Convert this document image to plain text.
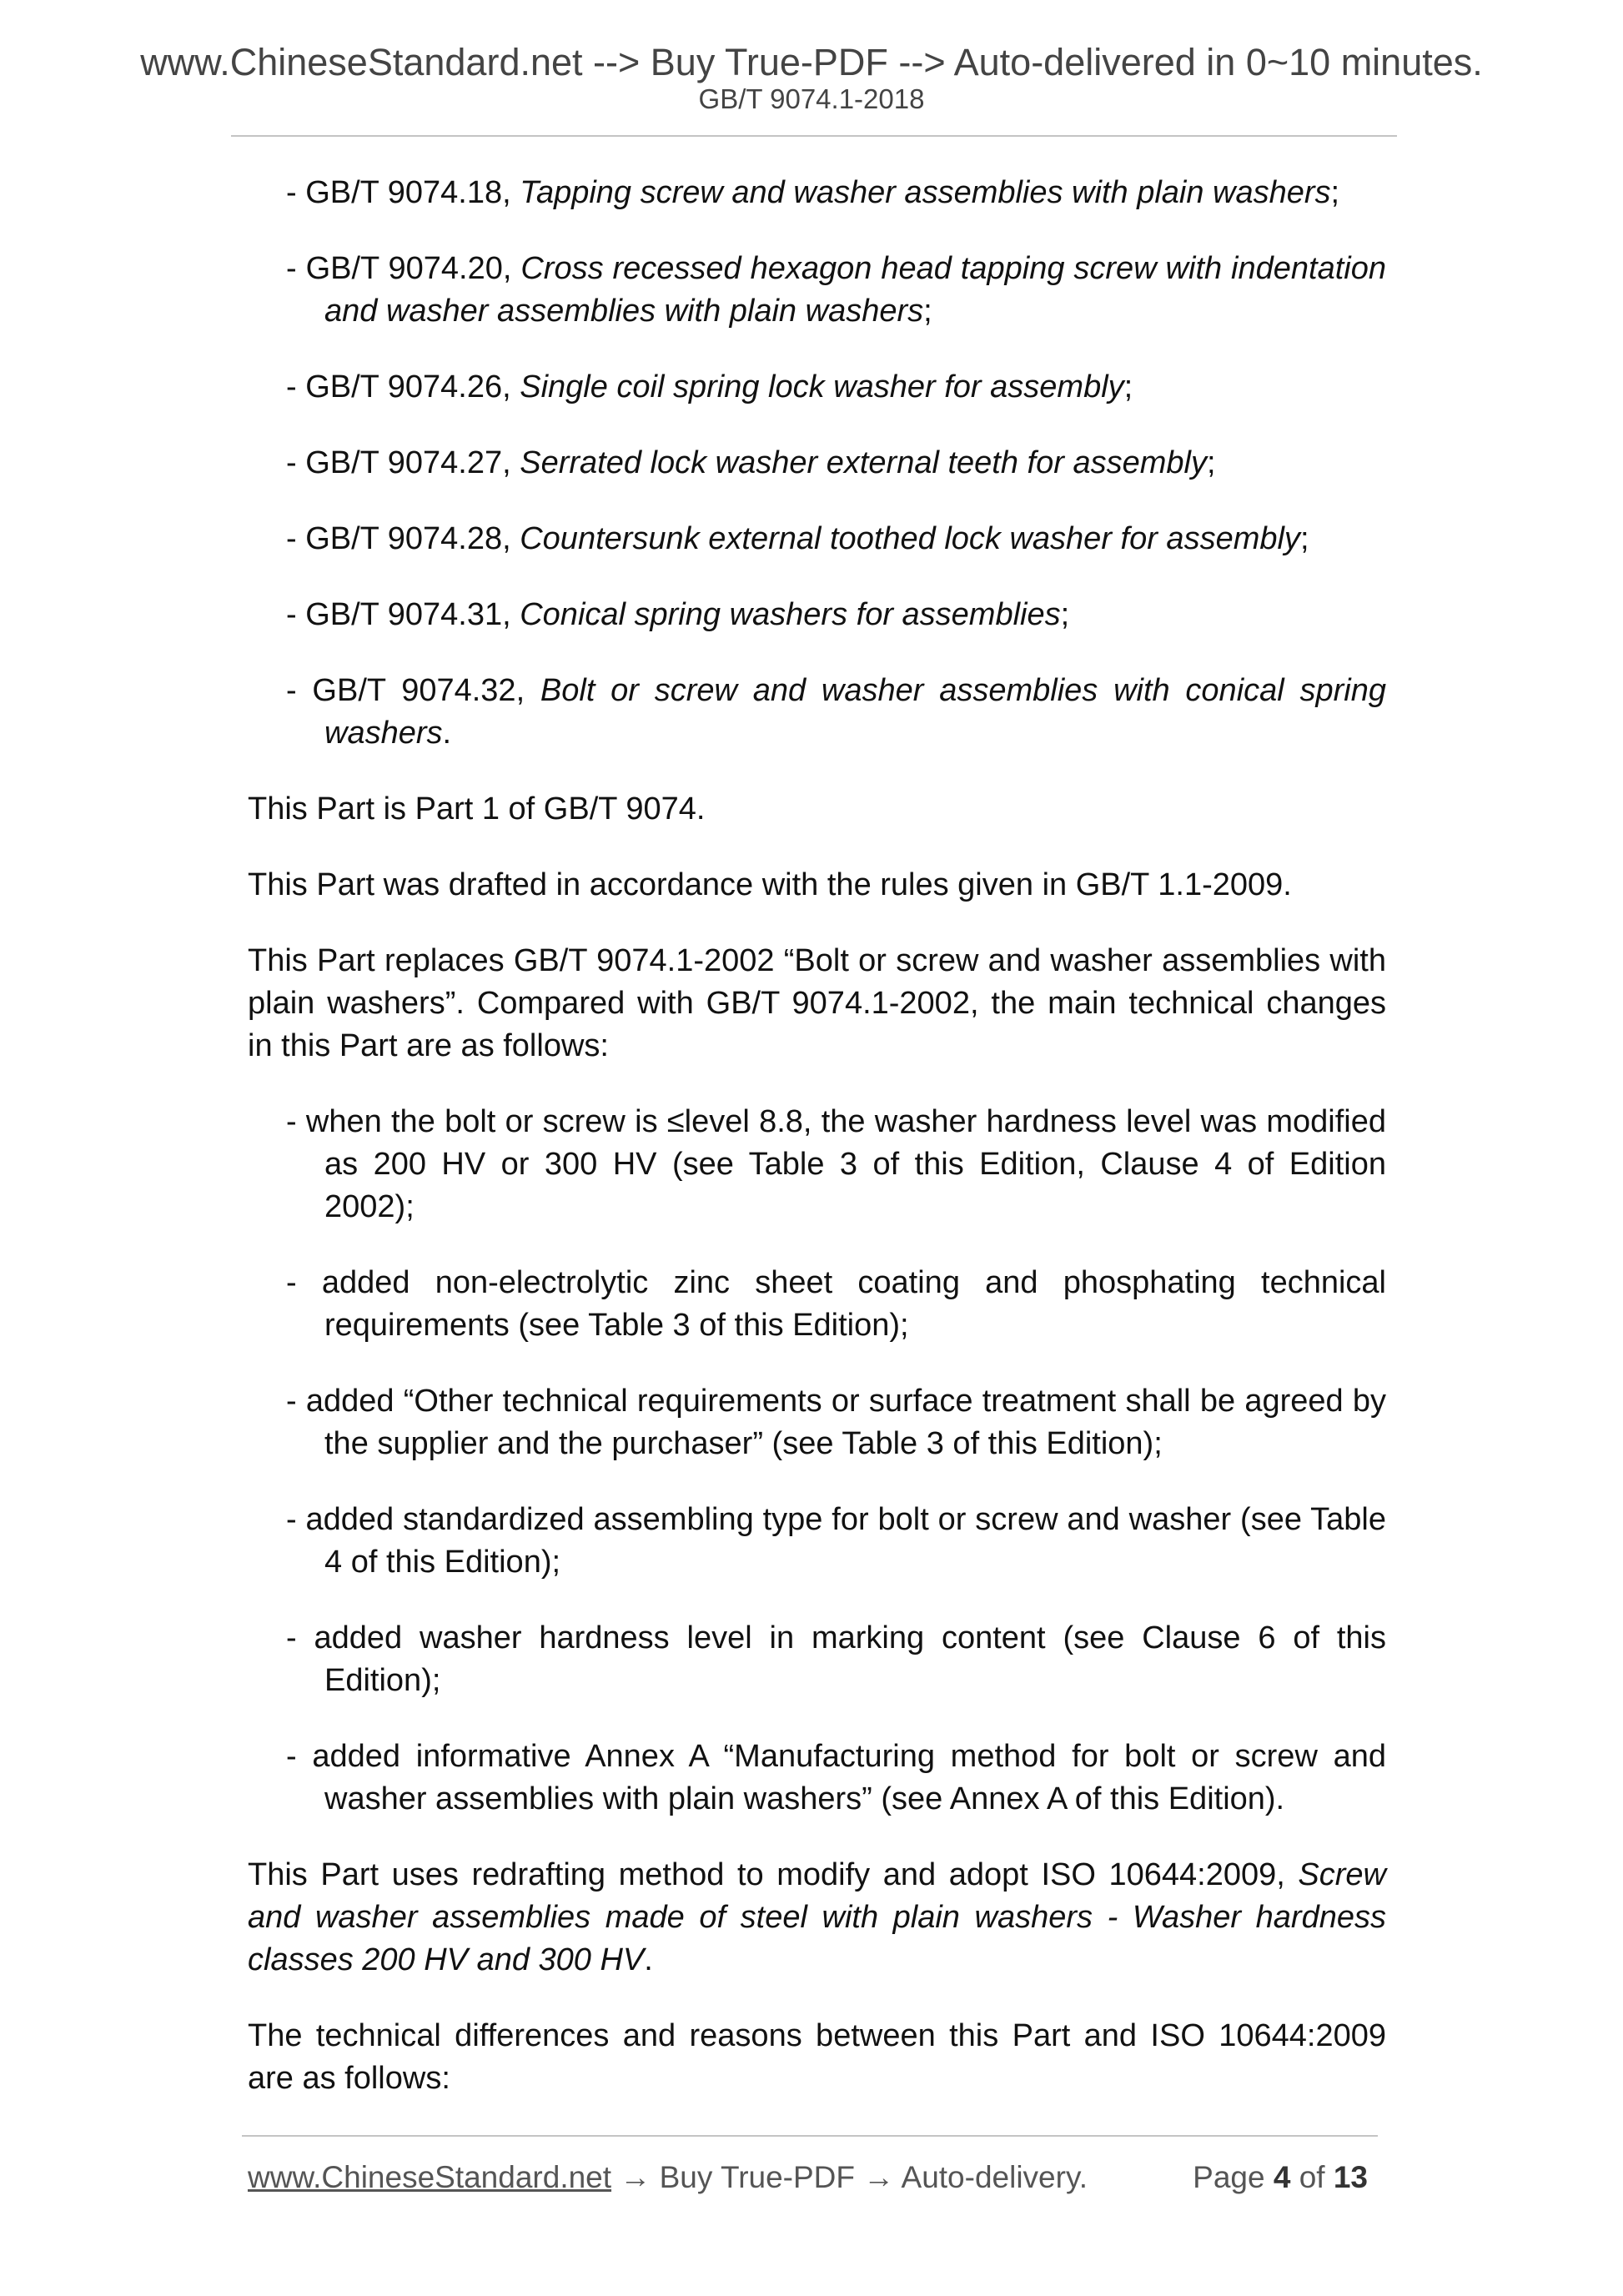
www.ChineseStandard.net --> Buy True-PDF --> Auto-delivered in 0~10 minutes.
GB/T 9074.1-2018

- GB/T 9074.18, Tapping screw and washer assemblies with plain washers;

- GB/T 9074.20, Cross recessed hexagon head tapping screw with indentation and washer assemblies with plain washers;

- GB/T 9074.26, Single coil spring lock washer for assembly;

- GB/T 9074.27, Serrated lock washer external teeth for assembly;

- GB/T 9074.28, Countersunk external toothed lock washer for assembly;

- GB/T 9074.31, Conical spring washers for assemblies;

- GB/T 9074.32, Bolt or screw and washer assemblies with conical spring washers.

This Part is Part 1 of GB/T 9074.

This Part was drafted in accordance with the rules given in GB/T 1.1-2009.

This Part replaces GB/T 9074.1-2002 “Bolt or screw and washer assemblies with plain washers”. Compared with GB/T 9074.1-2002, the main technical changes in this Part are as follows:

- when the bolt or screw is ≤level 8.8, the washer hardness level was modified as 200 HV or 300 HV (see Table 3 of this Edition, Clause 4 of Edition 2002);

- added non-electrolytic zinc sheet coating and phosphating technical requirements (see Table 3 of this Edition);

- added “Other technical requirements or surface treatment shall be agreed by the supplier and the purchaser” (see Table 3 of this Edition);

- added standardized assembling type for bolt or screw and washer (see Table 4 of this Edition);

- added washer hardness level in marking content (see Clause 6 of this Edition);

- added informative Annex A “Manufacturing method for bolt or screw and washer assemblies with plain washers” (see Annex A of this Edition).

This Part uses redrafting method to modify and adopt ISO 10644:2009, Screw and washer assemblies made of steel with plain washers - Washer hardness classes 200 HV and 300 HV.

The technical differences and reasons between this Part and ISO 10644:2009 are as follows:

www.ChineseStandard.net → Buy True-PDF → Auto-delivery.	Page 4 of 13
